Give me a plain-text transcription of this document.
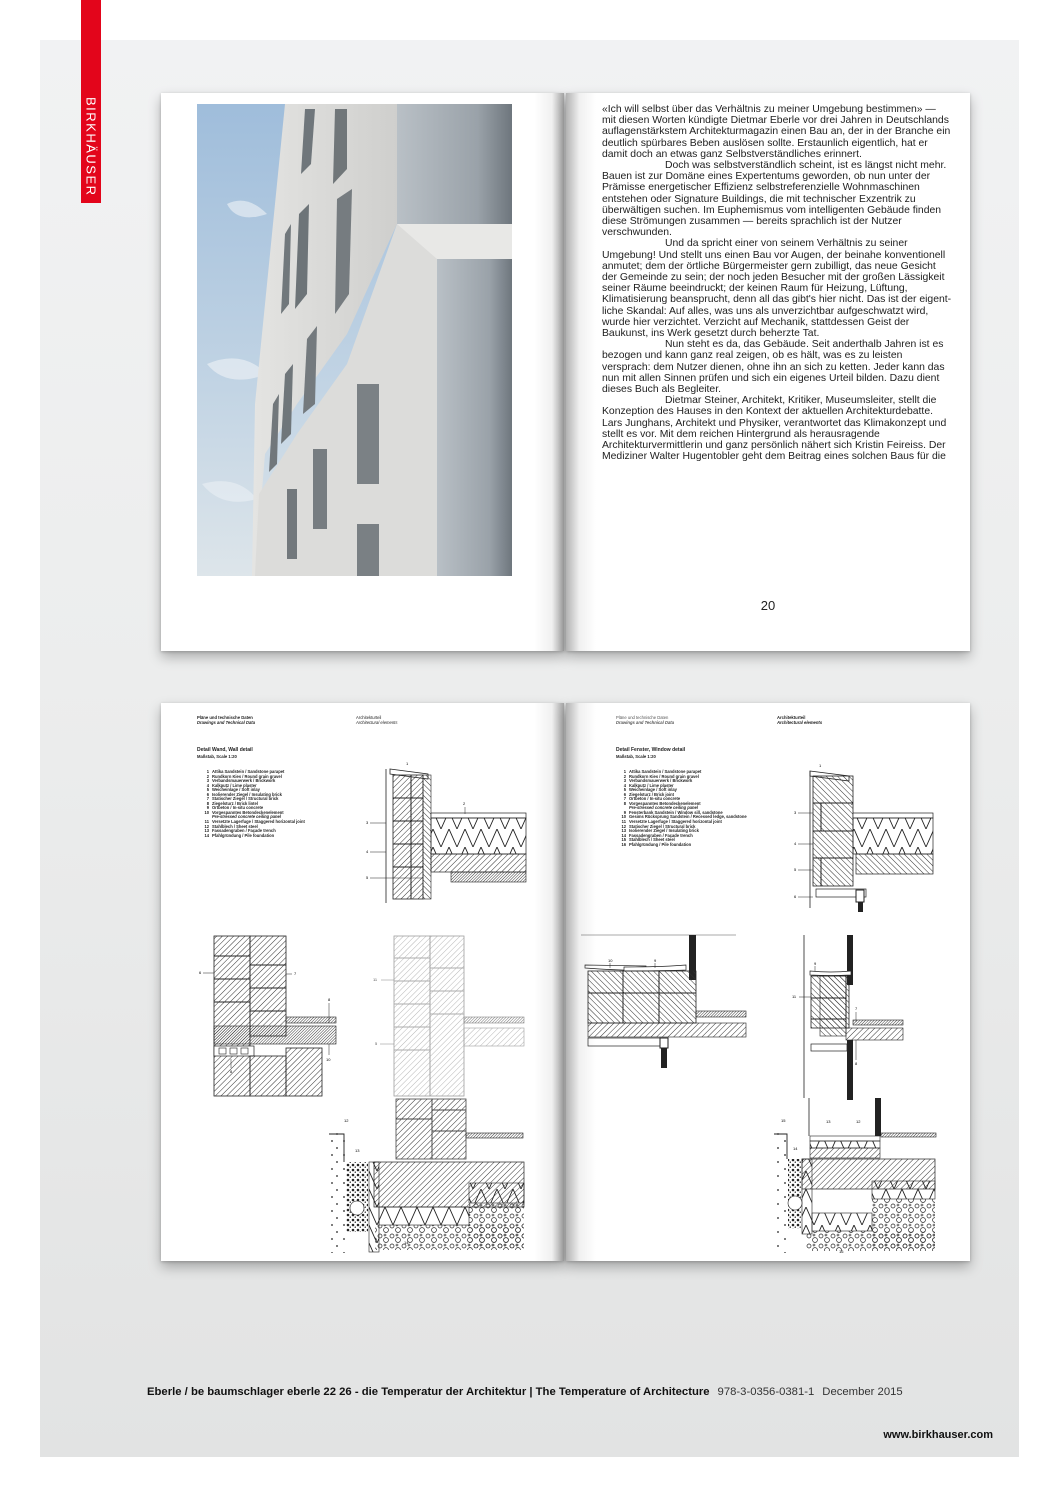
BIRKHÄUSER	«Ich will selbst über das Verhältnis zu meiner Umgebung bestimmen» — mit diesen Worten kündigte Dietmar Eberle vor drei Jahren in Deutschlands auflagenstärkstem Architekturmagazin einen Bau an, der in der Branche ein deutlich spürbares Beben auslösen sollte. Erstaunlich eigentlich, hat er damit doch an etwas ganz Selbstverständliches erinnert.

Doch was selbstverständlich scheint, ist es längst nicht mehr. Bauen ist zur Domäne eines Expertentums geworden, ob nun unter der Prämisse energetischer Effizienz selbstreferenzielle Wohnmaschinen entstehen oder Signature Buildings, die mit technischer Exzentrik zu überwältigen suchen. Im Euphemismus vom intelligenten Gebäude finden diese Strömungen zusammen — bereits sprachlich ist der Nutzer verschwunden.

Und da spricht einer von seinem Verhältnis zu seiner Umgebung! Und stellt uns einen Bau vor Augen, der beinahe konventionell anmutet; dem der örtliche Bürgermeister gern zubilligt, das neue Gesicht der Gemeinde zu sein; der noch jeden Besucher mit der großen Lässigkeit seiner Räume beeindruckt; der keinen Raum für Heizung, Lüftung, Klimatisierung beansprucht, denn all das gibt's hier nicht. Das ist der eigentliche Skandal: Auf alles, was uns als unverzichtbar aufgeschwatzt wird, wurde hier verzichtet. Verzicht auf Mechanik, stattdessen Geist der Baukunst, ins Werk gesetzt durch beherzte Tat.

Nun steht es da, das Gebäude. Seit anderthalb Jahren ist es bezogen und kann ganz real zeigen, ob es hält, was es zu leisten versprach: dem Nutzer dienen, ohne ihn an sich zu ketten. Jeder kann das nun mit allen Sinnen prüfen und sich ein eigenes Urteil bilden. Dazu dient dieses Buch als Begleiter.

Dietmar Steiner, Architekt, Kritiker, Museumsleiter, stellt die Konzeption des Hauses in den Kontext der aktuellen Architekturdebatte. Lars Junghans, Architekt und Physiker, verantwortet das Klimakonzept und stellt es vor. Mit dem reichen Hintergrund als herausragende Architekturvermittlerin und ganz persönlich nähert sich Kristin Feireiss. Der Mediziner Walter Hugentobler geht dem Beitrag eines solchen Baus für die

20
Pläne und technische Daten
Drawings and Technical Data
Architekturteil
Architectural elements
Detail Wand, Wall detail
Maßstab, Scale 1:20
1 Attika Sandstein / Sandstone parapet
2 Rundkorn Kies / Round grain gravel
3 Verbandsmauerwerk / Brickwork
4 Kalkputz / Lime plaster
5 Weicheinlage / Soft inlay
6 Isolierender Ziegel / Insulating brick
7 Statischer Ziegel / Structural brick
8 Ziegelsturz / Brick lintel
9 Ortbeton / In-situ concrete
10 Vorgespanntes Betondeckenelement
Pre-stressed concrete ceiling panel
11 Versetzte Lagerfuge / Staggered horizontal joint
12 Stahlblech / Sheet steel
13 Fassadengraben / Façade trench
14 Pfahlgründung / Pile foundation
1
2
3
4
5
6	7
8
8
10
11
5
12
13
14
Pläne und technische Daten
Drawings and Technical Data
Architekturteil
Architectural elements
Detail Fenster, Window detail
Maßstab, Scale 1:20
1 Attika Sandstein / Sandstone parapet
2 Rundkorn Kies / Round grain gravel
3 Verbandsmauerwerk / Brickwork
4 Kalkputz / Lime plaster
5 Weicheinlage / Soft inlay
6 Ziegelsturz / Brick joint
7 Ortbeton / In-situ concrete
8 Vorgespanntes Betondeckenelement
Pre-stressed concrete ceiling panel
9 Fensterbank Sandstein / Window sill, sandstone
10 Gesims Rücksprung Sandstein / Recessed ledge, sandstone
11 Versetzte Lagerfuge / Staggered horizontal joint
12 Statischer Ziegel / Structural brick
13 Isolierender Ziegel / Insulating brick
14 Fassadengraben / Façade trench
15 Stahlblech / Sheet steel
16 Pfahlgründung / Pile foundation
1
2
3
4
5
6
10	9
9
11
7
8
15
14
13	12
16
Eberle / be baumschlager eberle 22 26 - die Temperatur der Architektur | The Temperature of Architecture 978-3-0356-0381-1 December 2015
www.birkhauser.com
